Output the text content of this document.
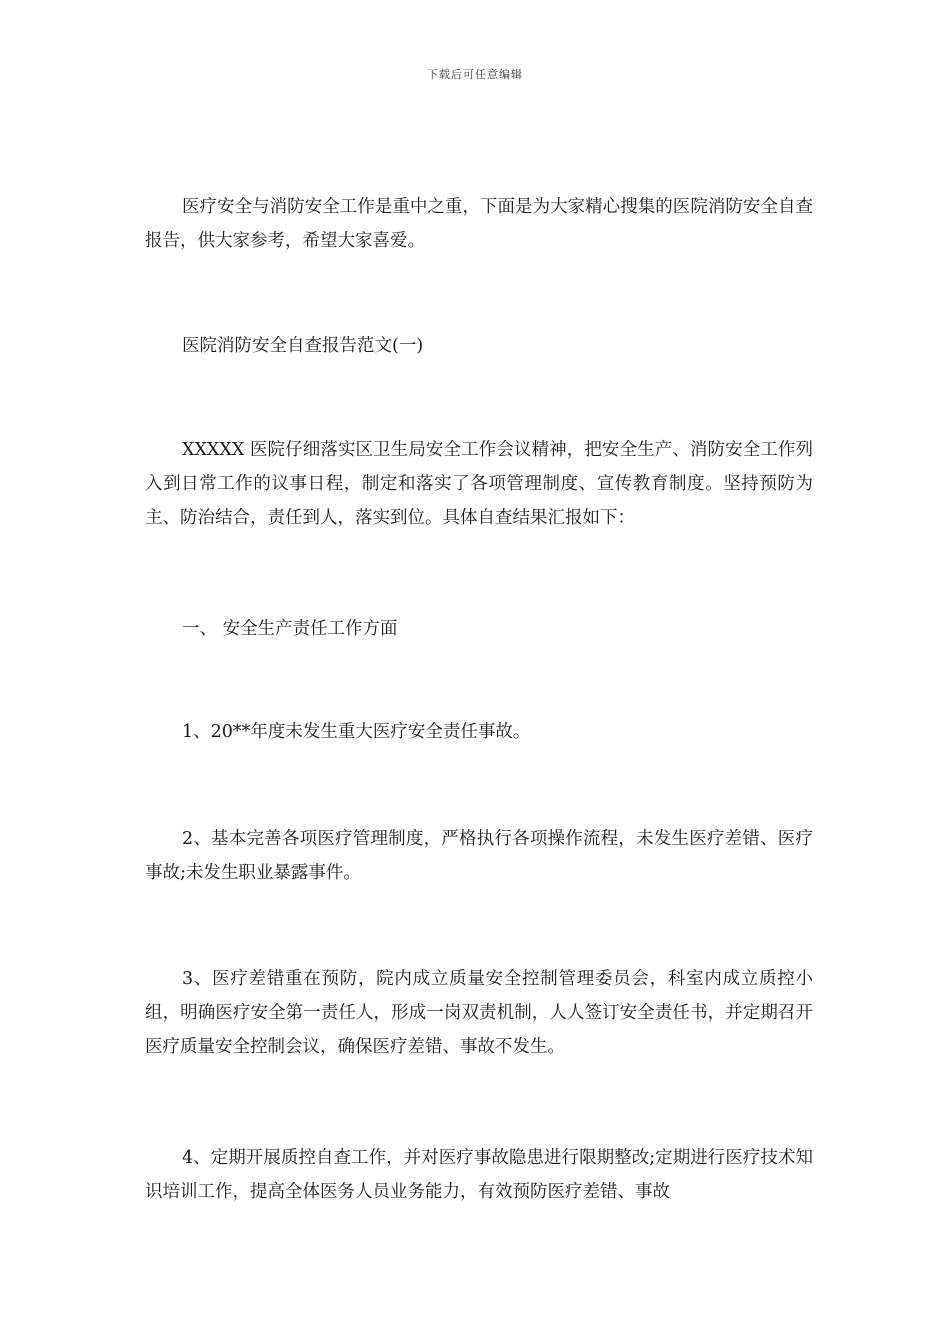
下载后可任意编辑

医疗安全与消防安全工作是重中之重，下面是为大家精心搜集的医院消防安全自查报告，供大家参考，希望大家喜爱。

医院消防安全自查报告范文(一)

XXXXX 医院仔细落实区卫生局安全工作会议精神，把安全生产、消防安全工作列入到日常工作的议事日程，制定和落实了各项管理制度、宣传教育制度。坚持预防为主、防治结合，责任到人，落实到位。具体自查结果汇报如下：

一、 安全生产责任工作方面

1、20**年度未发生重大医疗安全责任事故。

2、基本完善各项医疗管理制度，严格执行各项操作流程，未发生医疗差错、医疗事故;未发生职业暴露事件。

3、医疗差错重在预防，院内成立质量安全控制管理委员会，科室内成立质控小组，明确医疗安全第一责任人，形成一岗双责机制，人人签订安全责任书，并定期召开医疗质量安全控制会议，确保医疗差错、事故不发生。

4、定期开展质控自查工作，并对医疗事故隐患进行限期整改;定期进行医疗技术知识培训工作，提高全体医务人员业务能力，有效预防医疗差错、事故
